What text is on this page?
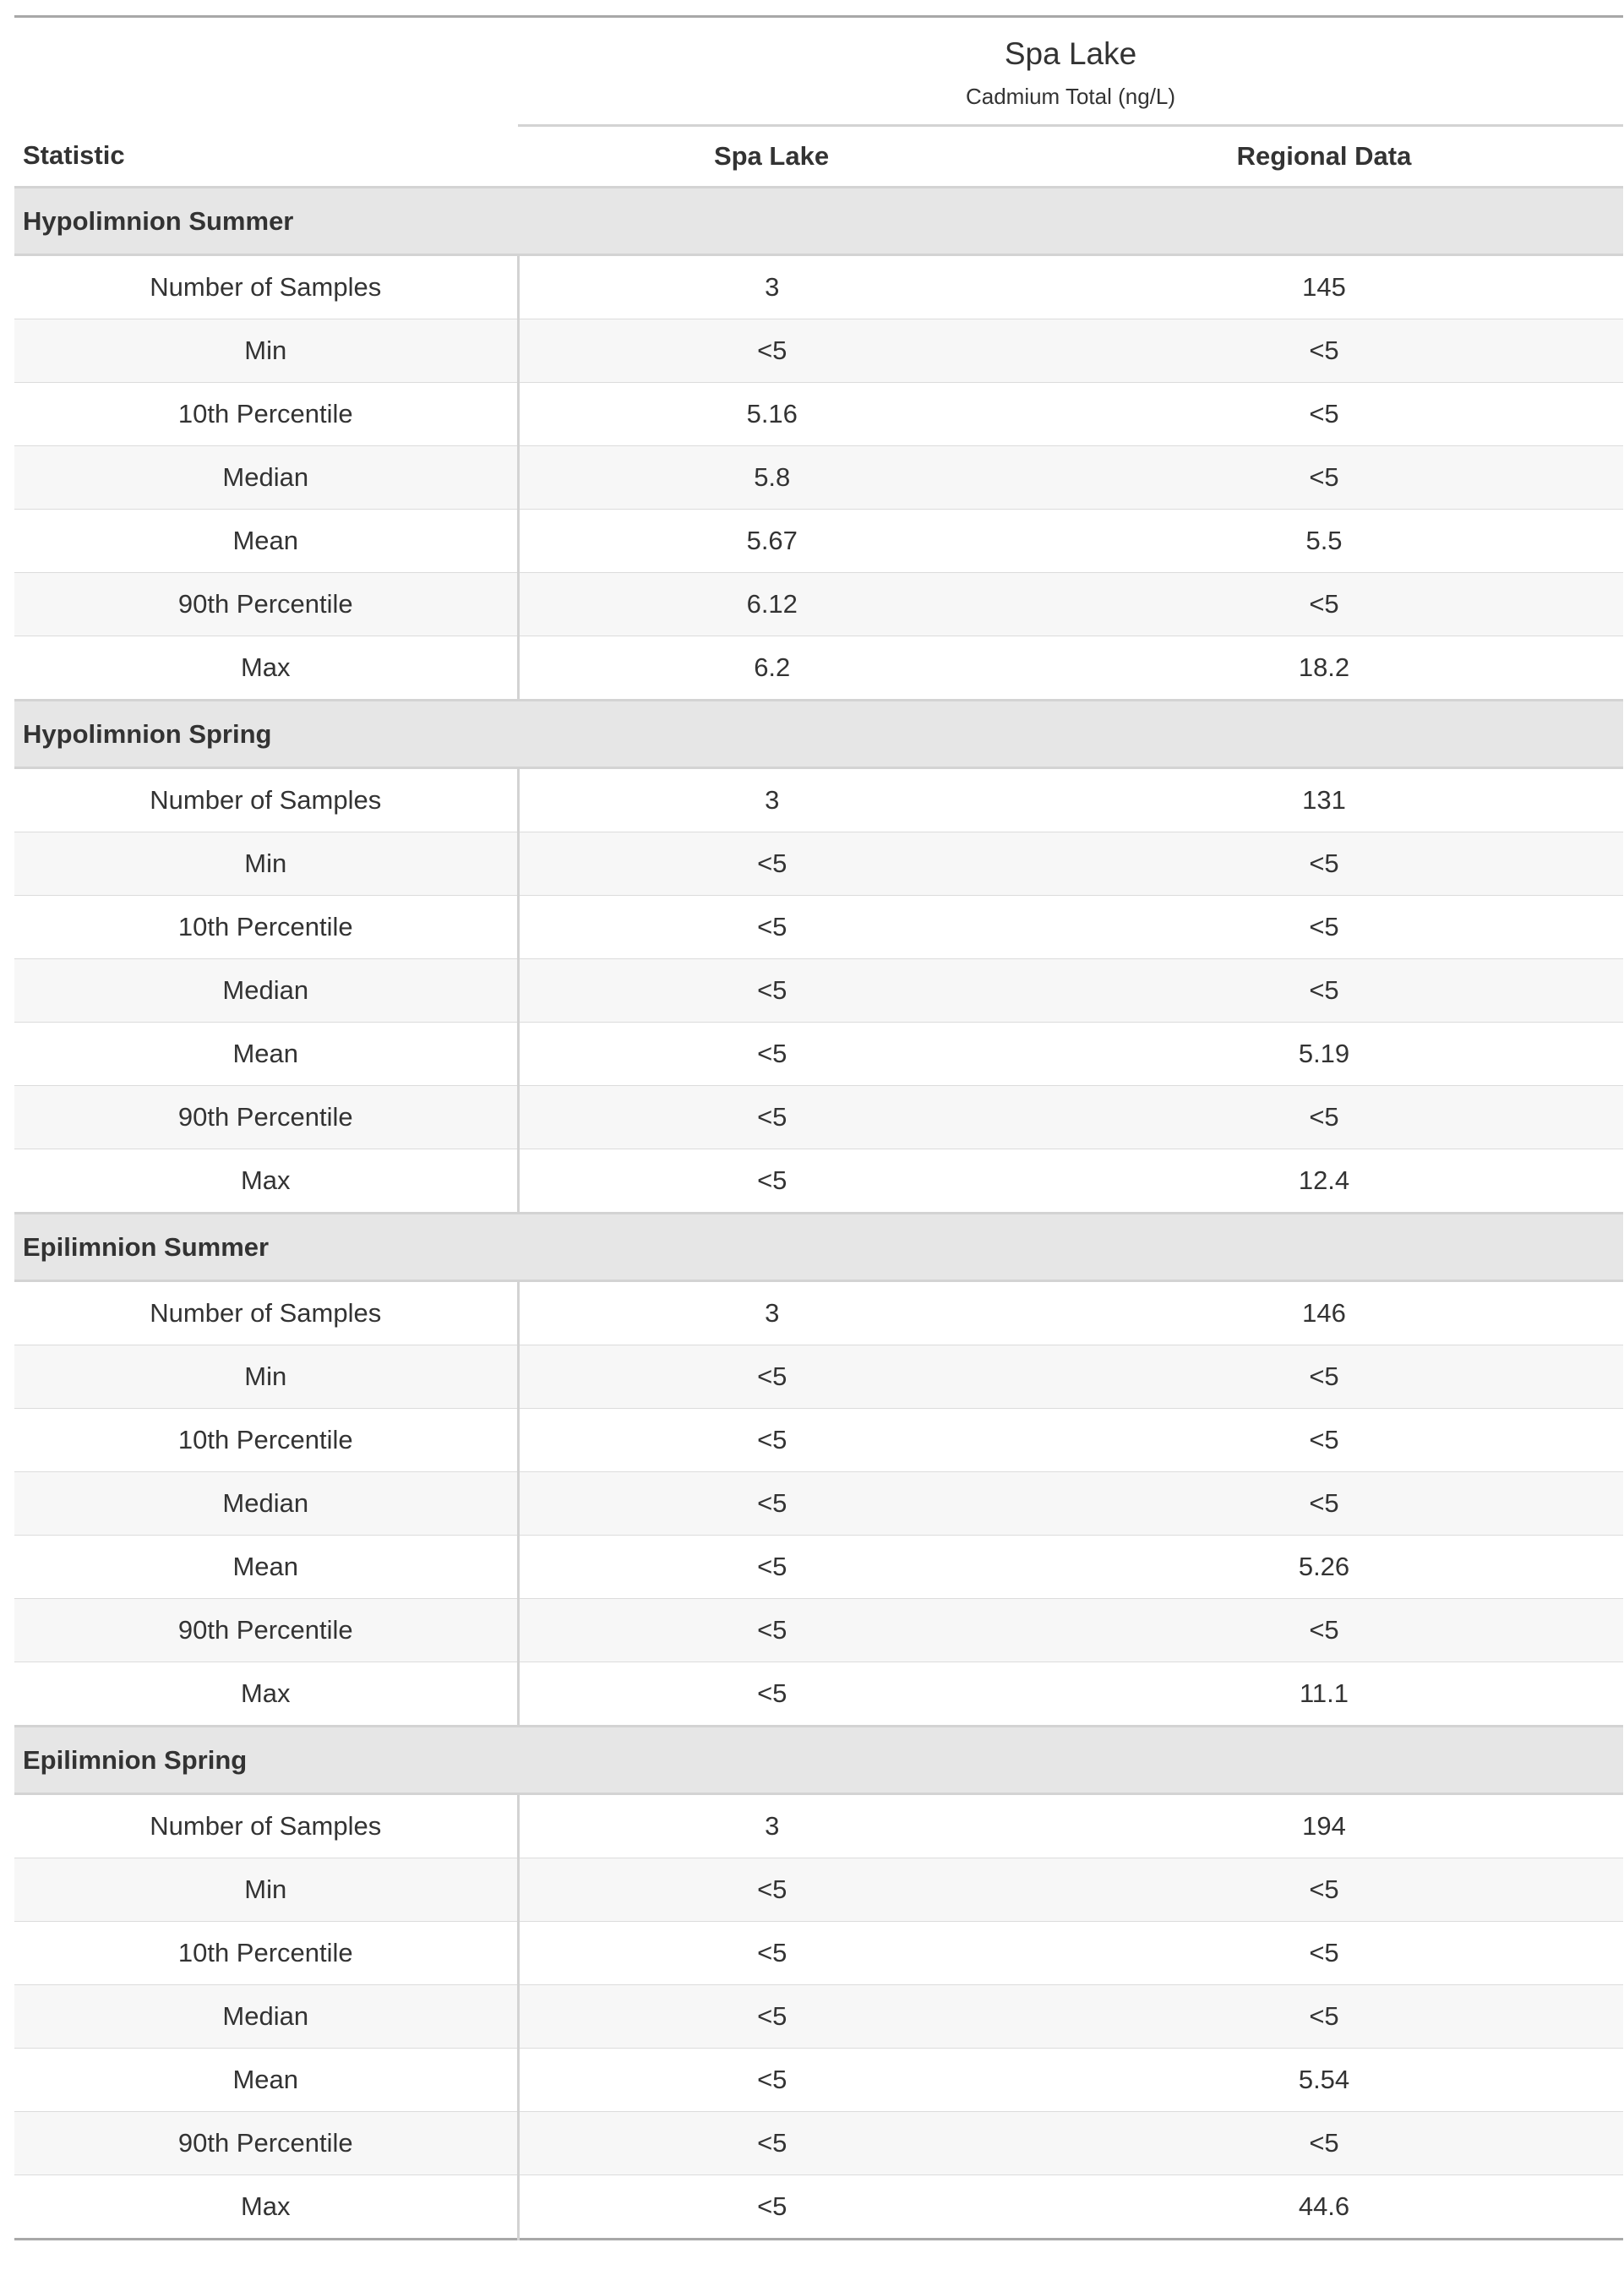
	Spa Lake
Cadmium Total (ng/L)	

Statistic	Spa Lake	Regional Data
Hypolimnion Summer		
Number of Samples	3	145
Min	<5	<5
10th Percentile	5.16	<5
Median	5.8	<5
Mean	5.67	5.5
90th Percentile	6.12	<5
Max	6.2	18.2
Hypolimnion Spring		
Number of Samples	3	131
Min	<5	<5
10th Percentile	<5	<5
Median	<5	<5
Mean	<5	5.19
90th Percentile	<5	<5
Max	<5	12.4
Epilimnion Summer		
Number of Samples	3	146
Min	<5	<5
10th Percentile	<5	<5
Median	<5	<5
Mean	<5	5.26
90th Percentile	<5	<5
Max	<5	11.1
Epilimnion Spring		
Number of Samples	3	194
Min	<5	<5
10th Percentile	<5	<5
Median	<5	<5
Mean	<5	5.54
90th Percentile	<5	<5
Max	<5	44.6
